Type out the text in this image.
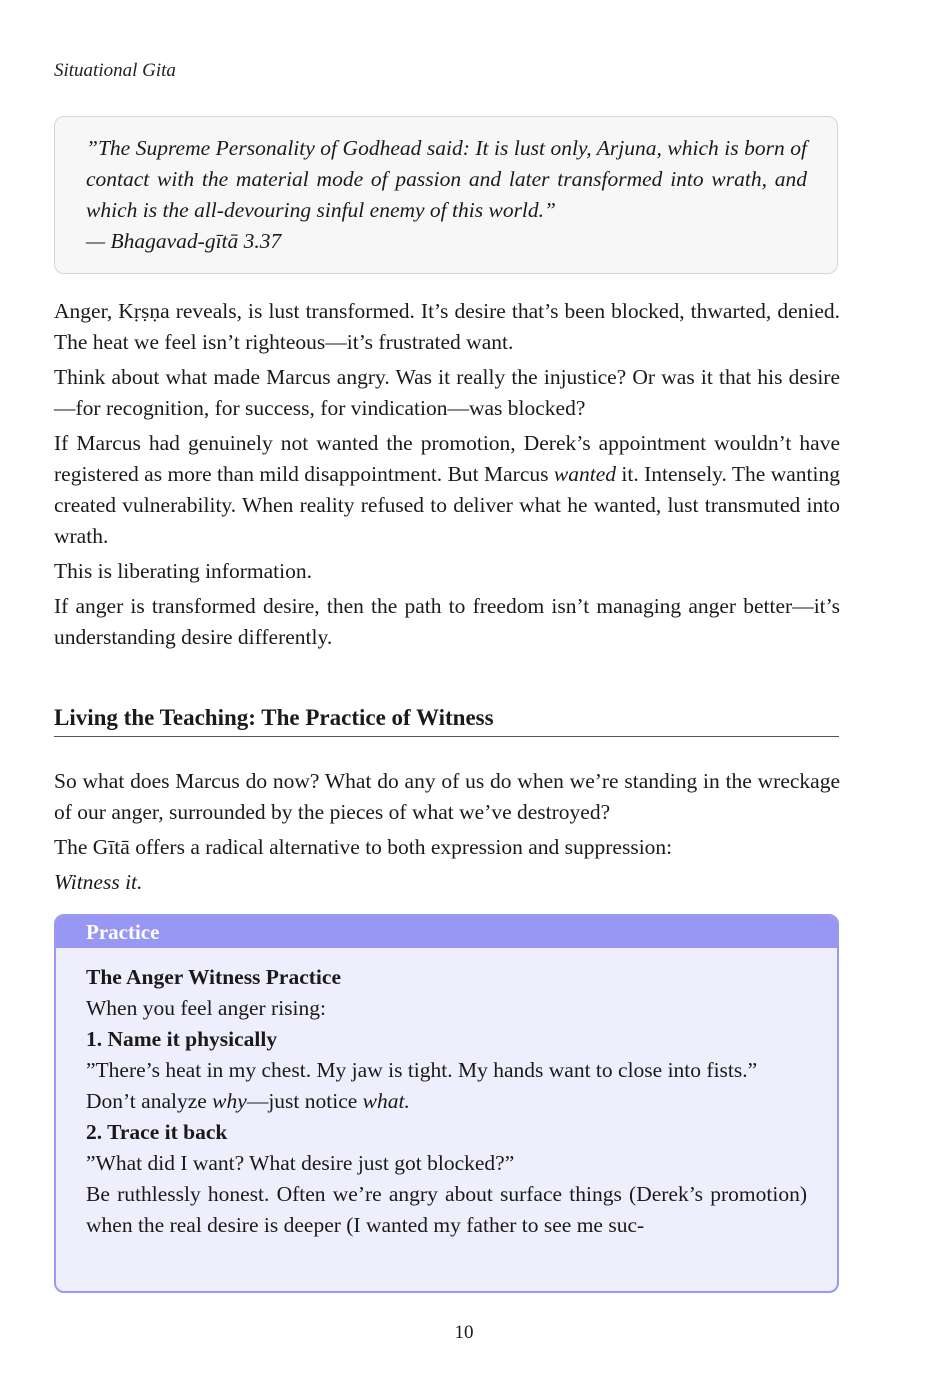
Situational Gita

”The Supreme Personality of Godhead said: It is lust only, Arjuna, which is born of contact with the material mode of passion and later transformed into wrath, and which is the all-devouring sinful enemy of this world.”

— Bhagavad-gītā 3.37

Anger, Kṛṣṇa reveals, is lust transformed. It’s desire that’s been blocked, thwarted, denied. The heat we feel isn’t righteous—it’s frustrated want.

Think about what made Marcus angry. Was it really the injustice? Or was it that his desire—for recognition, for success, for vindication—was blocked?

If Marcus had genuinely not wanted the promotion, Derek’s appointment wouldn’t have registered as more than mild disappointment. But Marcus wanted it. Intensely. The wanting created vulnerability. When reality refused to deliver what he wanted, lust transmuted into wrath.

This is liberating information.

If anger is transformed desire, then the path to freedom isn’t managing anger better—it’s understanding desire differently.

Living the Teaching: The Practice of Witness

So what does Marcus do now? What do any of us do when we’re standing in the wreckage of our anger, surrounded by the pieces of what we’ve destroyed?

The Gītā offers a radical alternative to both expression and suppression:

Witness it.

Practice

The Anger Witness Practice

When you feel anger rising:

1. Name it physically

”There’s heat in my chest. My jaw is tight. My hands want to close into fists.”

Don’t analyze why—just notice what.

2. Trace it back

”What did I want? What desire just got blocked?”

Be ruthlessly honest. Often we’re angry about surface things (Derek’s promotion) when the real desire is deeper (I wanted my father to see me suc-

10
